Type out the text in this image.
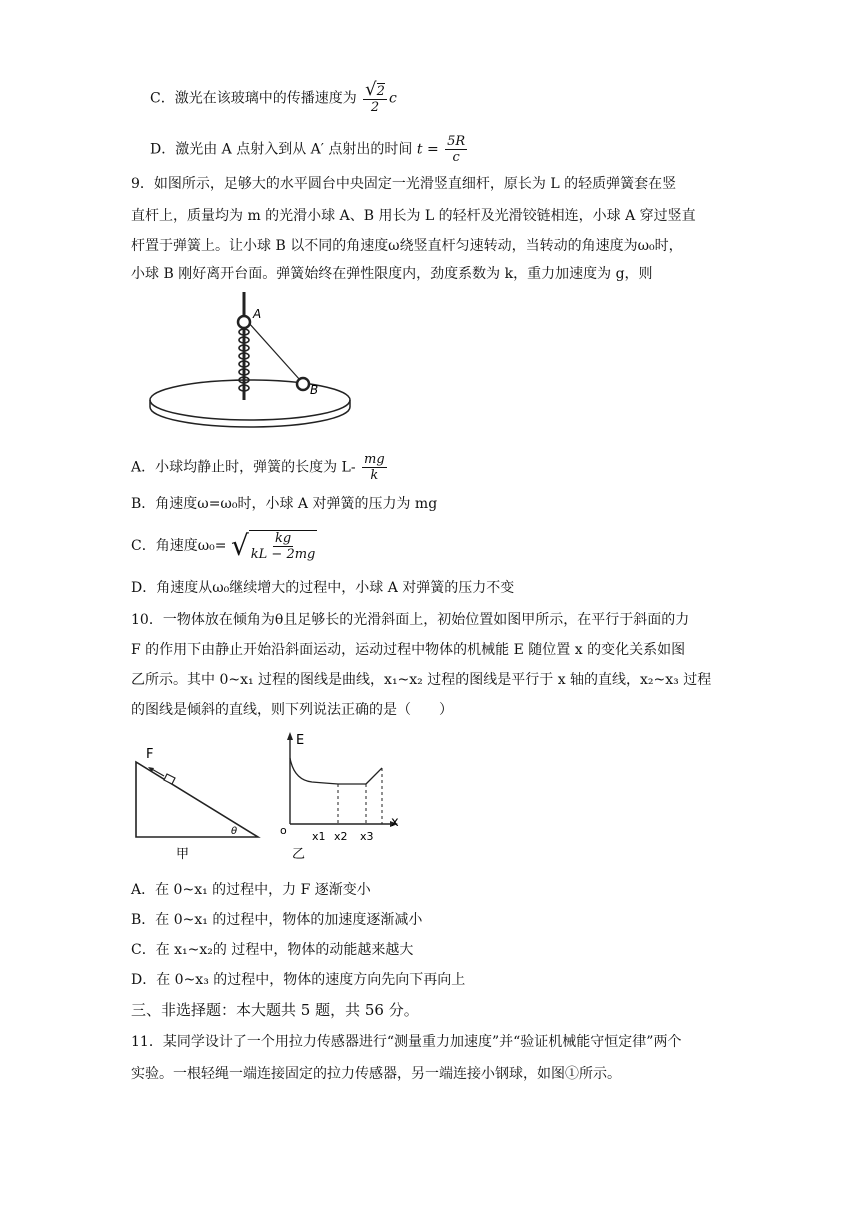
C．激光在该玻璃中的传播速度为 $\frac{√2}{2}$ c
D．激光由 A 点射入到从 A′ 点射出的时间 $t = \frac{5R}{c}$
9．如图所示，足够大的水平圆台中央固定一光滑竖直细杆，原长为 L 的轻质弹簧套在竖
直杆上，质量均为 m 的光滑小球 A、B 用长为 L 的轻杆及光滑铰链相连，小球 A 穿过竖直
杆置于弹簧上。让小球 B 以不同的角速度ω绕竖直杆匀速转动，当转动的角速度为ω₀时，
小球 B 刚好离开台面。弹簧始终在弹性限度内，劲度系数为 k，重力加速度为 g，则
A
B
A．小球均静止时，弹簧的长度为 $L- \frac{mg}{k}$
B．角速度ω=ω₀时，小球 A 对弹簧的压力为 mg
C．角速度ω₀= √ $\frac{kg}{kL - 2mg}$
D．角速度从ω₀继续增大的过程中，小球 A 对弹簧的压力不变
10．一物体放在倾角为θ且足够长的光滑斜面上，初始位置如图甲所示，在平行于斜面的力
F 的作用下由静止开始沿斜面运动，运动过程中物体的机械能 E 随位置 x 的变化关系如图
乙所示。其中 0~x₁ 过程的图线是曲线，x₁~x₂ 过程的图线是平行于 x 轴的直线，x₂~x₃ 过程
的图线是倾斜的直线，则下列说法正确的是（　　）
F
θ
甲
E
x
o x1 x2 x3
乙
A．在 0~x₁ 的过程中，力 F 逐渐变小
B．在 0~x₁ 的过程中，物体的加速度逐渐减小
C．在 x₁~x₂的 过程中，物体的动能越来越大
D．在 0~x₃ 的过程中，物体的速度方向先向下再向上
三、非选择题：本大题共 5 题，共 56 分。
11．某同学设计了一个用拉力传感器进行“测量重力加速度”并“验证机械能守恒定律”两个
实验。一根轻绳一端连接固定的拉力传感器，另一端连接小钢球，如图①所示。
